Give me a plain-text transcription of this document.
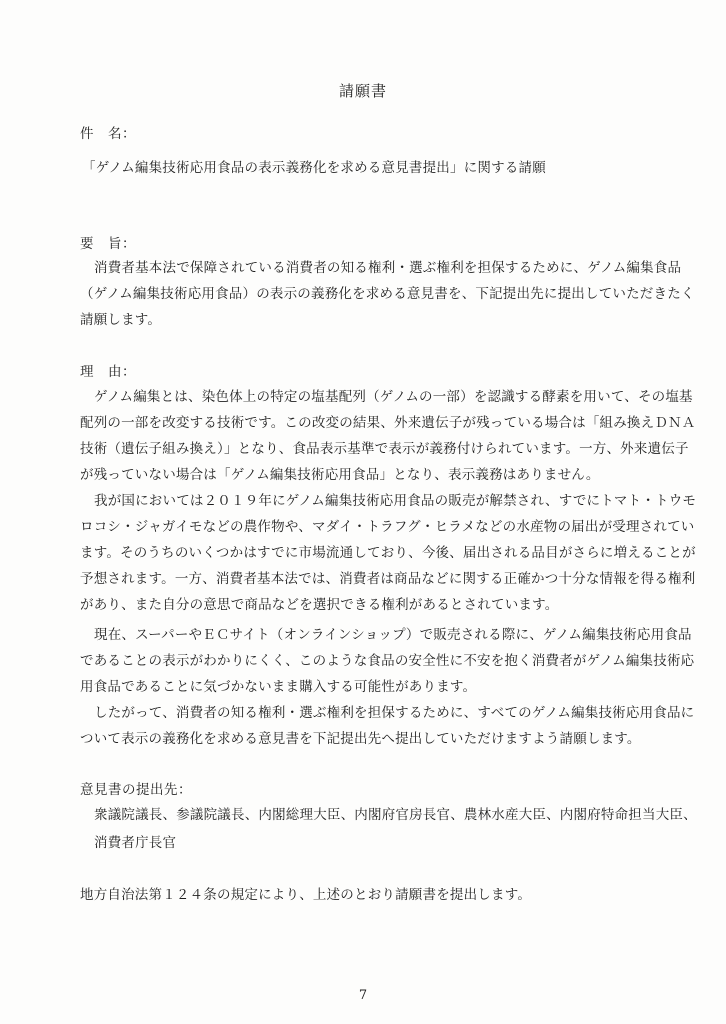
請願書
件　名：
「ゲノム編集技術応用食品の表示義務化を求める意見書提出」に関する請願
要　旨：
消費者基本法で保障されている消費者の知る権利・選ぶ権利を担保するために、ゲノム編集食品
（ゲノム編集技術応用食品）の表示の義務化を求める意見書を、下記提出先に提出していただきたく
請願します。
理　由：
ゲノム編集とは、染色体上の特定の塩基配列（ゲノムの一部）を認識する酵素を用いて、その塩基
配列の一部を改変する技術です。この改変の結果、外来遺伝子が残っている場合は「組み換えＤＮＡ
技術（遺伝子組み換え）」となり、食品表示基準で表示が義務付けられています。一方、外来遺伝子
が残っていない場合は「ゲノム編集技術応用食品」となり、表示義務はありません。
我が国においては２０１９年にゲノム編集技術応用食品の販売が解禁され、すでにトマト・トウモ
ロコシ・ジャガイモなどの農作物や、マダイ・トラフグ・ヒラメなどの水産物の届出が受理されてい
ます。そのうちのいくつかはすでに市場流通しており、今後、届出される品目がさらに増えることが
予想されます。一方、消費者基本法では、消費者は商品などに関する正確かつ十分な情報を得る権利
があり、また自分の意思で商品などを選択できる権利があるとされています。
現在、スーパーやＥＣサイト（オンラインショップ）で販売される際に、ゲノム編集技術応用食品
であることの表示がわかりにくく、このような食品の安全性に不安を抱く消費者がゲノム編集技術応
用食品であることに気づかないまま購入する可能性があります。
したがって、消費者の知る権利・選ぶ権利を担保するために、すべてのゲノム編集技術応用食品に
ついて表示の義務化を求める意見書を下記提出先へ提出していただけますよう請願します。
意見書の提出先：
衆議院議長、参議院議長、内閣総理大臣、内閣府官房長官、農林水産大臣、内閣府特命担当大臣、
消費者庁長官
地方自治法第１２４条の規定により、上述のとおり請願書を提出します。
7
